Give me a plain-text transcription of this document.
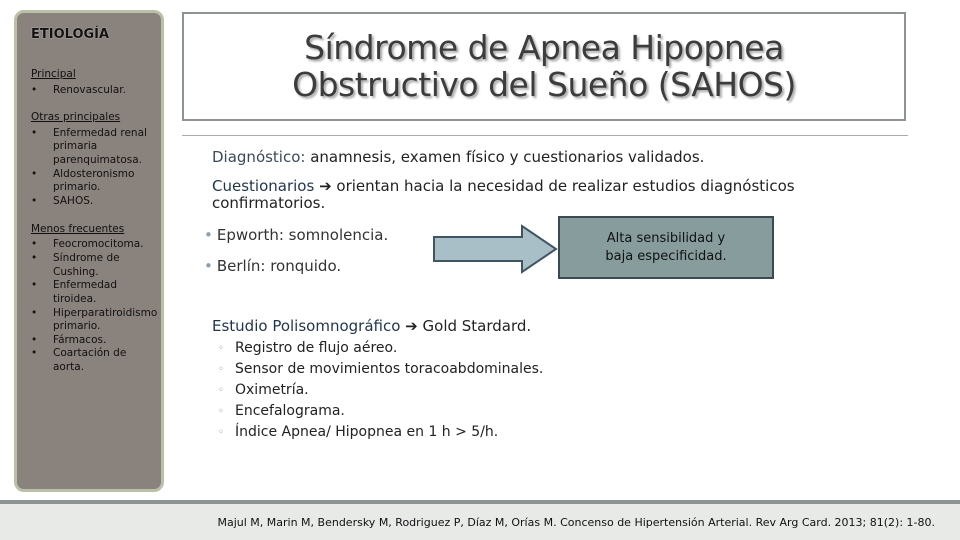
ETIOLOGÍA
Principal
•	Renovascular.
Otras principales
•	Enfermedad renal primaria parenquimatosa.
•	Aldosteronismo primario.
•	SAHOS.
Menos frecuentes
•	Feocromocitoma.
•	Síndrome de Cushing.
•	Enfermedad tiroidea.
•	Hiperparatiroidismo primario.
•	Fármacos.
•	Coartación de aorta.
Síndrome de Apnea Hipopnea
Obstructivo del Sueño (SAHOS)
Diagnóstico: anamnesis, examen físico y cuestionarios validados.
Cuestionarios ➔ orientan hacia la necesidad de realizar estudios diagnósticos confirmatorios.
• Epworth: somnolencia.
• Berlín: ronquido.
Alta sensibilidad y
baja especificidad.
Estudio Polisomnográfico ➔ Gold Stardard.
◦ Registro de flujo aéreo.
◦ Sensor de movimientos toracoabdominales.
◦ Oximetría.
◦ Encefalograma.
◦ Índice Apnea/ Hipopnea en 1 h > 5/h.
Majul M, Marin M, Bendersky M, Rodriguez P, Díaz M, Orías M. Concenso de Hipertensión Arterial. Rev Arg Card. 2013; 81(2): 1-80.
